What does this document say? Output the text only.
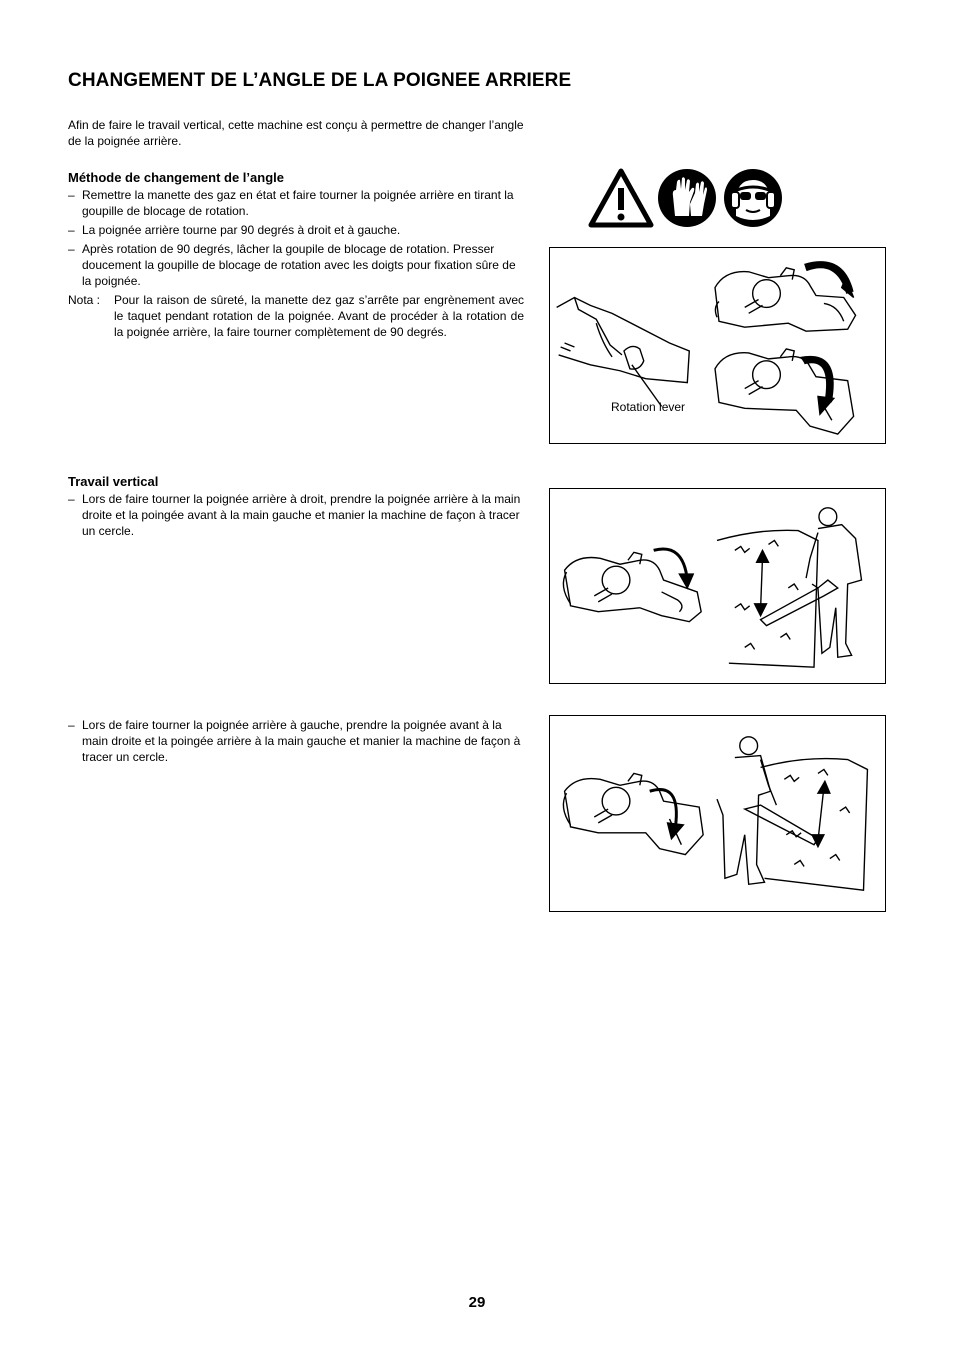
CHANGEMENT DE L’ANGLE DE LA POIGNEE ARRIERE

Afin de faire le travail vertical, cette machine est conçu à permettre de changer l’angle de la poignée arrière.

Méthode de changement de l’angle
– Remettre la manette des gaz en état et faire tourner la poignée arrière en tirant la goupille de blocage de rotation.
– La poignée arrière tourne par 90 degrés à droit et à gauche.
– Après rotation de 90 degrés, lâcher la goupile de blocage de rotation. Presser doucement la goupille de blocage de rotation avec les doigts pour fixation sûre de la poignée.
Nota :	Pour la raison de sûreté, la manette dez gaz s’arrête par engrènement avec le taquet pendant rotation de la poignée. Avant de procéder à la rotation de la poignée arrière, la faire tourner complètement de 90 degrés.
Rotation lever
Travail vertical
– Lors de faire tourner la poignée arrière à droit, prendre la poignée arrière à la main droite et la poingée avant à la main gauche et manier la machine de façon à tracer un cercle.
– Lors de faire tourner la poignée arrière à gauche, prendre la poignée avant à la main droite et la poingée arrière à la main gauche et manier la machine de façon à tracer un cercle.
29
